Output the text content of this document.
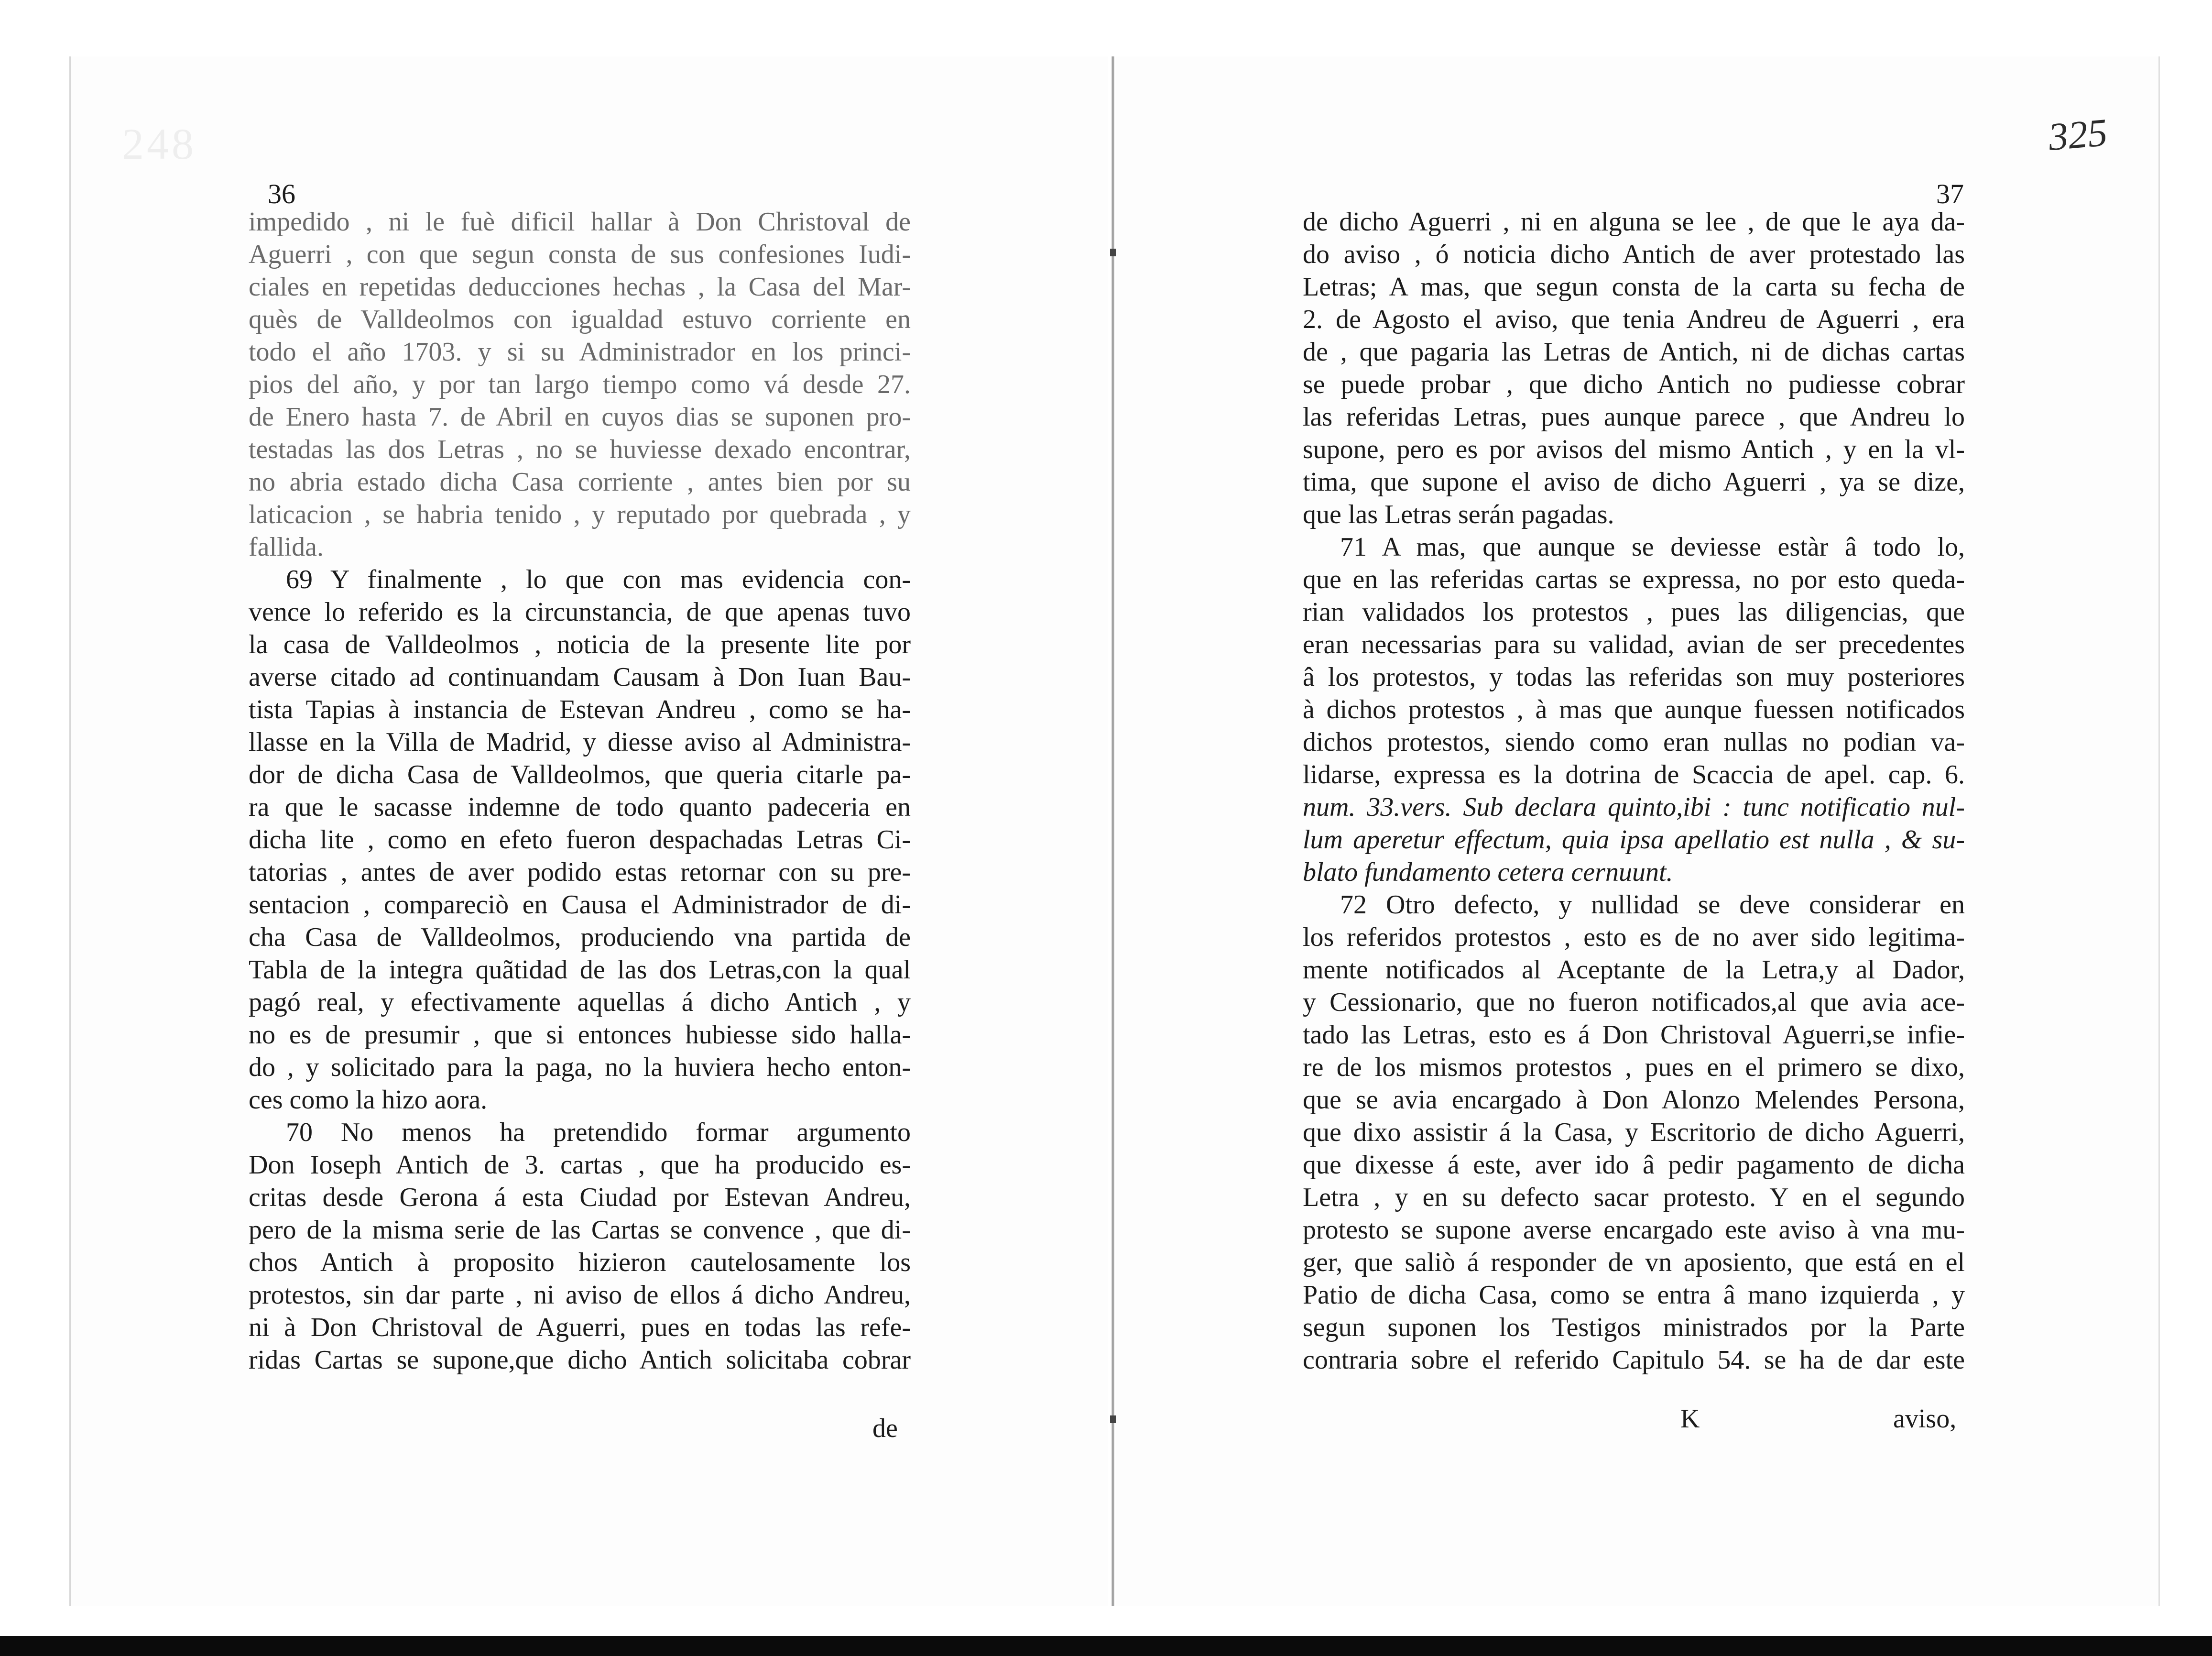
248	325
36	37
impedido , ni le fuè dificil hallar à Don Christoval de
Aguerri , con que segun consta de sus confesiones Iudi-
ciales en repetidas deducciones hechas , la Casa del Mar-
quès de Valldeolmos con igualdad estuvo corriente en
todo el año 1703. y si su Administrador en los princi-
pios del año, y por tan largo tiempo como vá desde 27.
de Enero hasta 7. de Abril en cuyos dias se suponen pro-
testadas las dos Letras , no se huviesse dexado encontrar,
no abria estado dicha Casa corriente , antes bien por su
laticacion , se habria tenido , y reputado por quebrada , y
fallida.
69 Y finalmente , lo que con mas evidencia con-
vence lo referido es la circunstancia, de que apenas tuvo
la casa de Valldeolmos , noticia de la presente lite por
averse citado ad continuandam Causam à Don Iuan Bau-
tista Tapias à instancia de Estevan Andreu , como se ha-
llasse en la Villa de Madrid, y diesse aviso al Administra-
dor de dicha Casa de Valldeolmos, que queria citarle pa-
ra que le sacasse indemne de todo quanto padeceria en
dicha lite , como en efeto fueron despachadas Letras Ci-
tatorias , antes de aver podido estas retornar con su pre-
sentacion , compareciò en Causa el Administrador de di-
cha Casa de Valldeolmos, produciendo vna partida de
Tabla de la integra quãtidad de las dos Letras,con la qual
pagó real, y efectivamente aquellas á dicho Antich , y
no es de presumir , que si entonces hubiesse sido halla-
do , y solicitado para la paga, no la huviera hecho enton-
ces como la hizo aora.
70 No menos ha pretendido formar argumento
Don Ioseph Antich de 3. cartas , que ha producido es-
critas desde Gerona á esta Ciudad por Estevan Andreu,
pero de la misma serie de las Cartas se convence , que di-
chos Antich à proposito hizieron cautelosamente los
protestos, sin dar parte , ni aviso de ellos á dicho Andreu,
ni à Don Christoval de Aguerri, pues en todas las refe-
ridas Cartas se supone,que dicho Antich solicitaba cobrar
de
de dicho Aguerri , ni en alguna se lee , de que le aya da-
do aviso , ó noticia dicho Antich de aver protestado las
Letras; A mas, que segun consta de la carta su fecha de
2. de Agosto el aviso, que tenia Andreu de Aguerri , era
de , que pagaria las Letras de Antich, ni de dichas cartas
se puede probar , que dicho Antich no pudiesse cobrar
las referidas Letras, pues aunque parece , que Andreu lo
supone, pero es por avisos del mismo Antich , y en la vl-
tima, que supone el aviso de dicho Aguerri , ya se dize,
que las Letras serán pagadas.
71 A mas, que aunque se deviesse estàr â todo lo,
que en las referidas cartas se expressa, no por esto queda-
rian validados los protestos , pues las diligencias, que
eran necessarias para su validad, avian de ser precedentes
â los protestos, y todas las referidas son muy posteriores
à dichos protestos , à mas que aunque fuessen notificados
dichos protestos, siendo como eran nullas no podian va-
lidarse, expressa es la dotrina de Scaccia de apel. cap. 6.
num. 33.vers. Sub declara quinto,ibi : tunc notificatio nul-
lum aperetur effectum, quia ipsa apellatio est nulla , & su-
blato fundamento cetera cernuunt.
72 Otro defecto, y nullidad se deve considerar en
los referidos protestos , esto es de no aver sido legitima-
mente notificados al Aceptante de la Letra,y al Dador,
y Cessionario, que no fueron notificados,al que avia ace-
tado las Letras, esto es á Don Christoval Aguerri,se infie-
re de los mismos protestos , pues en el primero se dixo,
que se avia encargado à Don Alonzo Melendes Persona,
que dixo assistir á la Casa, y Escritorio de dicho Aguerri,
que dixesse á este, aver ido â pedir pagamento de dicha
Letra , y en su defecto sacar protesto. Y en el segundo
protesto se supone averse encargado este aviso à vna mu-
ger, que saliò á responder de vn aposiento, que está en el
Patio de dicha Casa, como se entra â mano izquierda , y
segun suponen los Testigos ministrados por la Parte
contraria sobre el referido Capitulo 54. se ha de dar este
K	aviso,
